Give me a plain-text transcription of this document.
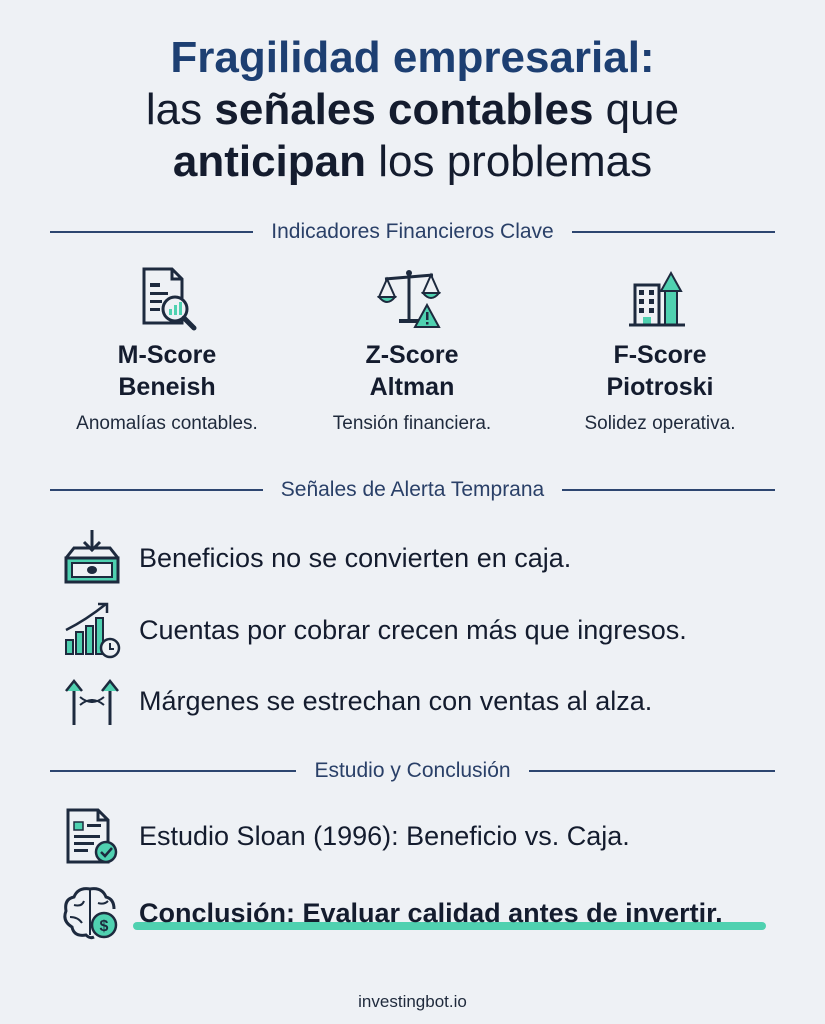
Fragilidad empresarial:
las señales contables que
anticipan los problemas
Indicadores Financieros Clave
M-Score
Beneish
Anomalías contables.
Z-Score
Altman
Tensión financiera.
F-Score
Piotroski
Solidez operativa.
Señales de Alerta Temprana
Beneficios no se convierten en caja.
Cuentas por cobrar crecen más que ingresos.
Márgenes se estrechan con ventas al alza.
Estudio y Conclusión
Estudio Sloan (1996): Beneficio vs. Caja.
$ Conclusión: Evaluar calidad antes de invertir.
investingbot.io
